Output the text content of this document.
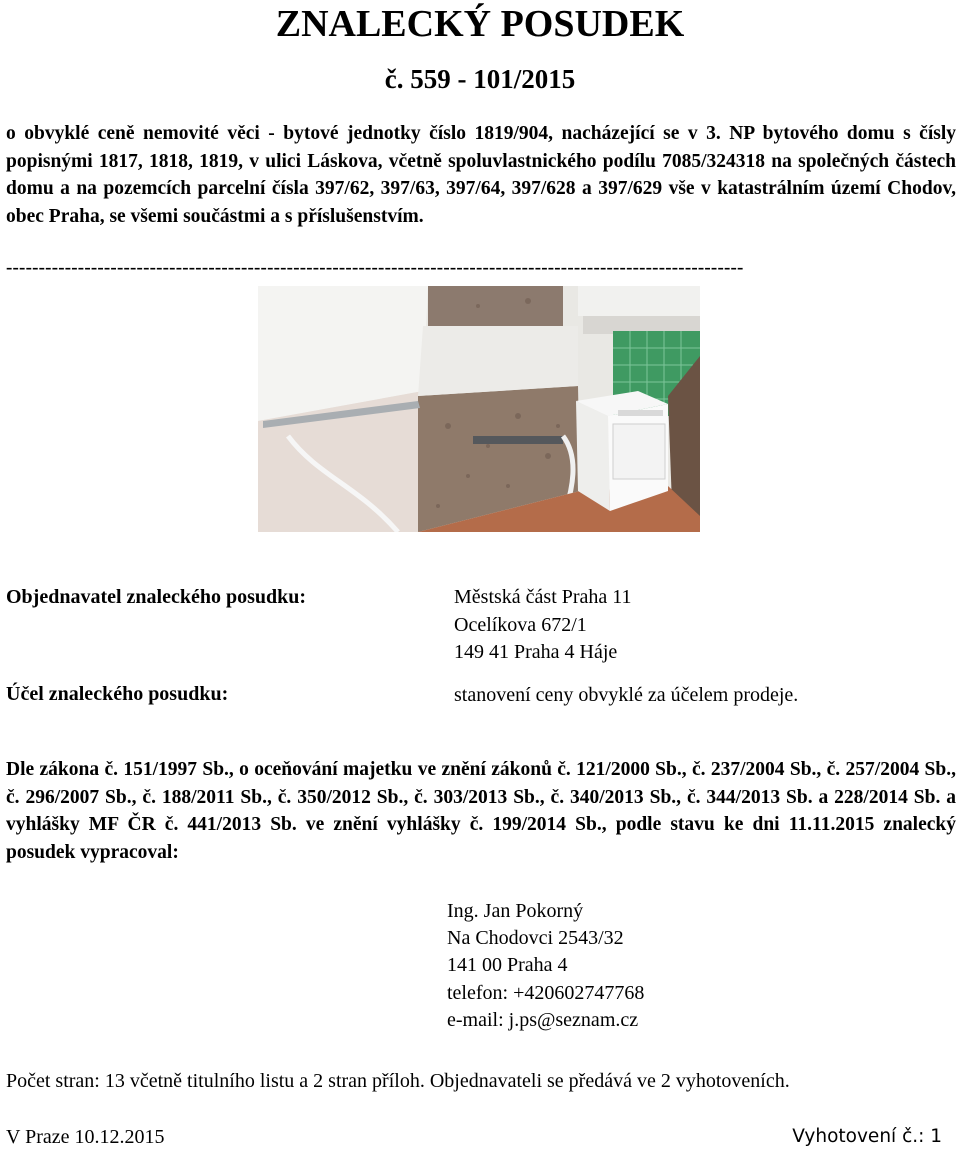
ZNALECKÝ POSUDEK
č. 559 - 101/2015

o obvyklé ceně nemovité věci - bytové jednotky číslo 1819/904, nacházející se v 3. NP bytového domu s čísly popisnými 1817, 1818, 1819, v ulici Láskova, včetně spoluvlastnického podílu 7085/324318 na společných částech domu a na pozemcích parcelní čísla 397/62, 397/63, 397/64, 397/628 a 397/629 vše v katastrálním území Chodov, obec Praha, se všemi součástmi a s příslušenstvím.

-----------------------------------------------------------------------------------------------------------------
Objednavatel znaleckého posudku:	Městská část Praha 11
Ocelíkova 672/1
149 41 Praha 4 Háje
Účel znaleckého posudku:	stanovení ceny obvyklé za účelem prodeje.

Dle zákona č. 151/1997 Sb., o oceňování majetku ve znění zákonů č. 121/2000 Sb., č. 237/2004 Sb., č. 257/2004 Sb., č. 296/2007 Sb., č. 188/2011 Sb., č. 350/2012 Sb., č. 303/2013 Sb., č. 340/2013 Sb., č. 344/2013 Sb. a 228/2014 Sb. a vyhlášky MF ČR č. 441/2013 Sb. ve znění vyhlášky č. 199/2014 Sb., podle stavu ke dni 11.11.2015 znalecký posudek vypracoval:

Ing. Jan Pokorný
Na Chodovci 2543/32
141 00 Praha 4
telefon: +420602747768
e-mail: j.ps@seznam.cz
Počet stran: 13 včetně titulního listu a 2 stran příloh. Objednavateli se předává ve 2 vyhotoveních.
V Praze 10.12.2015	Vyhotovení č.: 1
